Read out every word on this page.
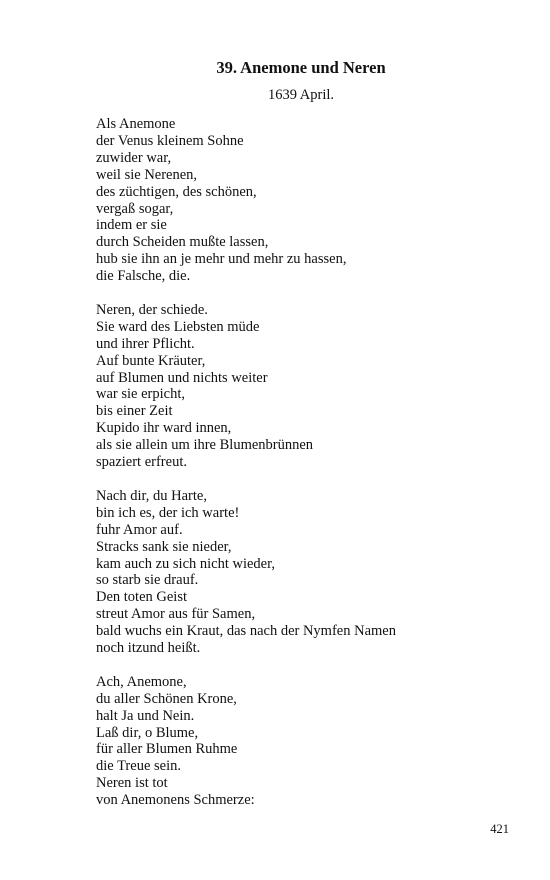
39. Anemone und Neren
1639 April.
Als Anemone
der Venus kleinem Sohne
zuwider war,
weil sie Nerenen,
des züchtigen, des schönen,
vergaß sogar,
indem er sie
durch Scheiden mußte lassen,
hub sie ihn an je mehr und mehr zu hassen,
die Falsche, die.
Neren, der schiede.
Sie ward des Liebsten müde
und ihrer Pflicht.
Auf bunte Kräuter,
auf Blumen und nichts weiter
war sie erpicht,
bis einer Zeit
Kupido ihr ward innen,
als sie allein um ihre Blumenbrünnen
spaziert erfreut.
Nach dir, du Harte,
bin ich es, der ich warte!
fuhr Amor auf.
Stracks sank sie nieder,
kam auch zu sich nicht wieder,
so starb sie drauf.
Den toten Geist
streut Amor aus für Samen,
bald wuchs ein Kraut, das nach der Nymfen Namen
noch itzund heißt.
Ach, Anemone,
du aller Schönen Krone,
halt Ja und Nein.
Laß dir, o Blume,
für aller Blumen Ruhme
die Treue sein.
Neren ist tot
von Anemonens Schmerze:
421
